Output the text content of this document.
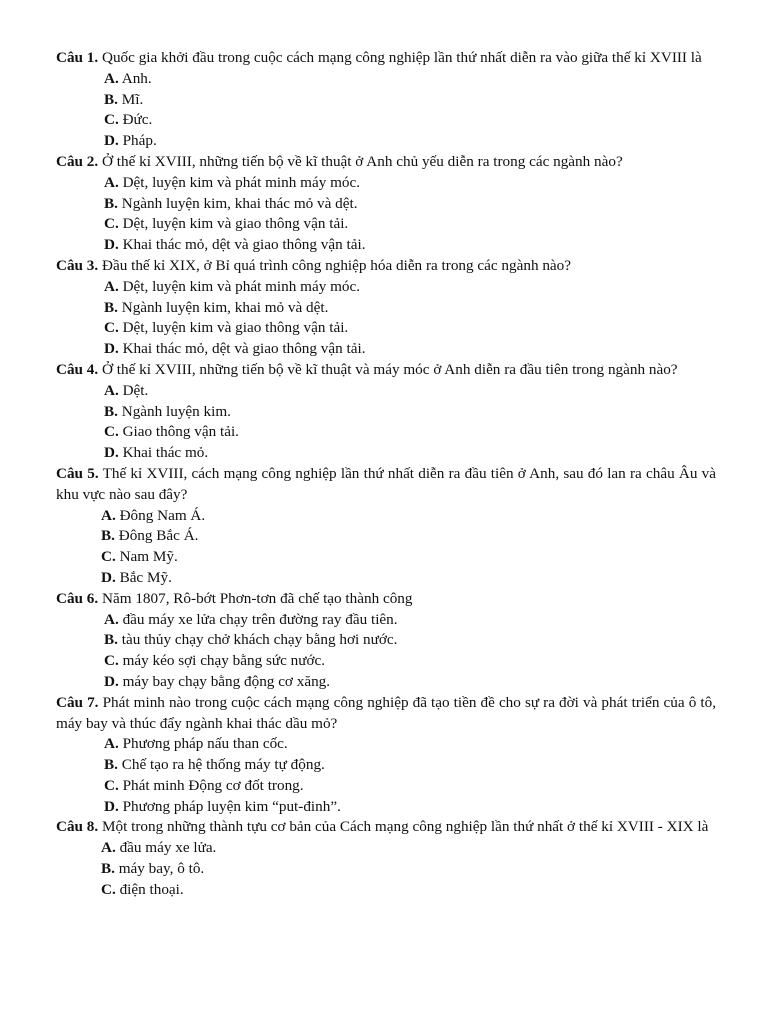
Câu 1. Quốc gia khởi đầu trong cuộc cách mạng công nghiệp lần thứ nhất diễn ra vào giữa thế kỉ XVIII là

A. Anh.

B. Mĩ.

C. Đức.

D. Pháp.

Câu 2. Ở thế kỉ XVIII, những tiến bộ về kĩ thuật ở Anh chủ yếu diễn ra trong các ngành nào?

A. Dệt, luyện kim và phát minh máy móc.

B. Ngành luyện kim, khai thác mỏ và dệt.

C. Dệt, luyện kim và giao thông vận tải.

D. Khai thác mỏ, dệt và giao thông vận tải.

Câu 3. Đầu thế kỉ XIX, ở Bỉ quá trình công nghiệp hóa diễn ra trong các ngành nào?

A. Dệt, luyện kim và phát minh máy móc.

B. Ngành luyện kim, khai mỏ và dệt.

C. Dệt, luyện kim và giao thông vận tải.

D. Khai thác mỏ, dệt và giao thông vận tải.

Câu 4. Ở thế kỉ XVIII, những tiến bộ về kĩ thuật và máy móc ở Anh diễn ra đầu tiên trong ngành nào?

A. Dệt.

B. Ngành luyện kim.

C. Giao thông vận tải.

D. Khai thác mỏ.

Câu 5. Thế kỉ XVIII, cách mạng công nghiệp lần thứ nhất diễn ra đầu tiên ở Anh, sau đó lan ra châu Âu và khu vực nào sau đây?

A. Đông Nam Á.

B. Đông Bắc Á.

C. Nam Mỹ.

D. Bắc Mỹ.

Câu 6. Năm 1807, Rô-bớt Phơn-tơn đã chế tạo thành công

A. đầu máy xe lửa chạy trên đường ray đầu tiên.

B. tàu thủy chạy chở khách chạy bằng hơi nước.

C. máy kéo sợi chạy bằng sức nước.

D. máy bay chạy bằng động cơ xăng.

Câu 7. Phát minh nào trong cuộc cách mạng công nghiệp đã tạo tiền đề cho sự ra đời và phát triển của ô tô, máy bay và thúc đẩy ngành khai thác dầu mỏ?

A. Phương pháp nấu than cốc.

B. Chế tạo ra hệ thống máy tự động.

C. Phát minh Động cơ đốt trong.

D. Phương pháp luyện kim “put-đinh”.

Câu 8. Một trong những thành tựu cơ bản của Cách mạng công nghiệp lần thứ nhất ở thế kỉ XVIII - XIX là

A. đầu máy xe lửa.

B. máy bay, ô tô.

C. điện thoại.
